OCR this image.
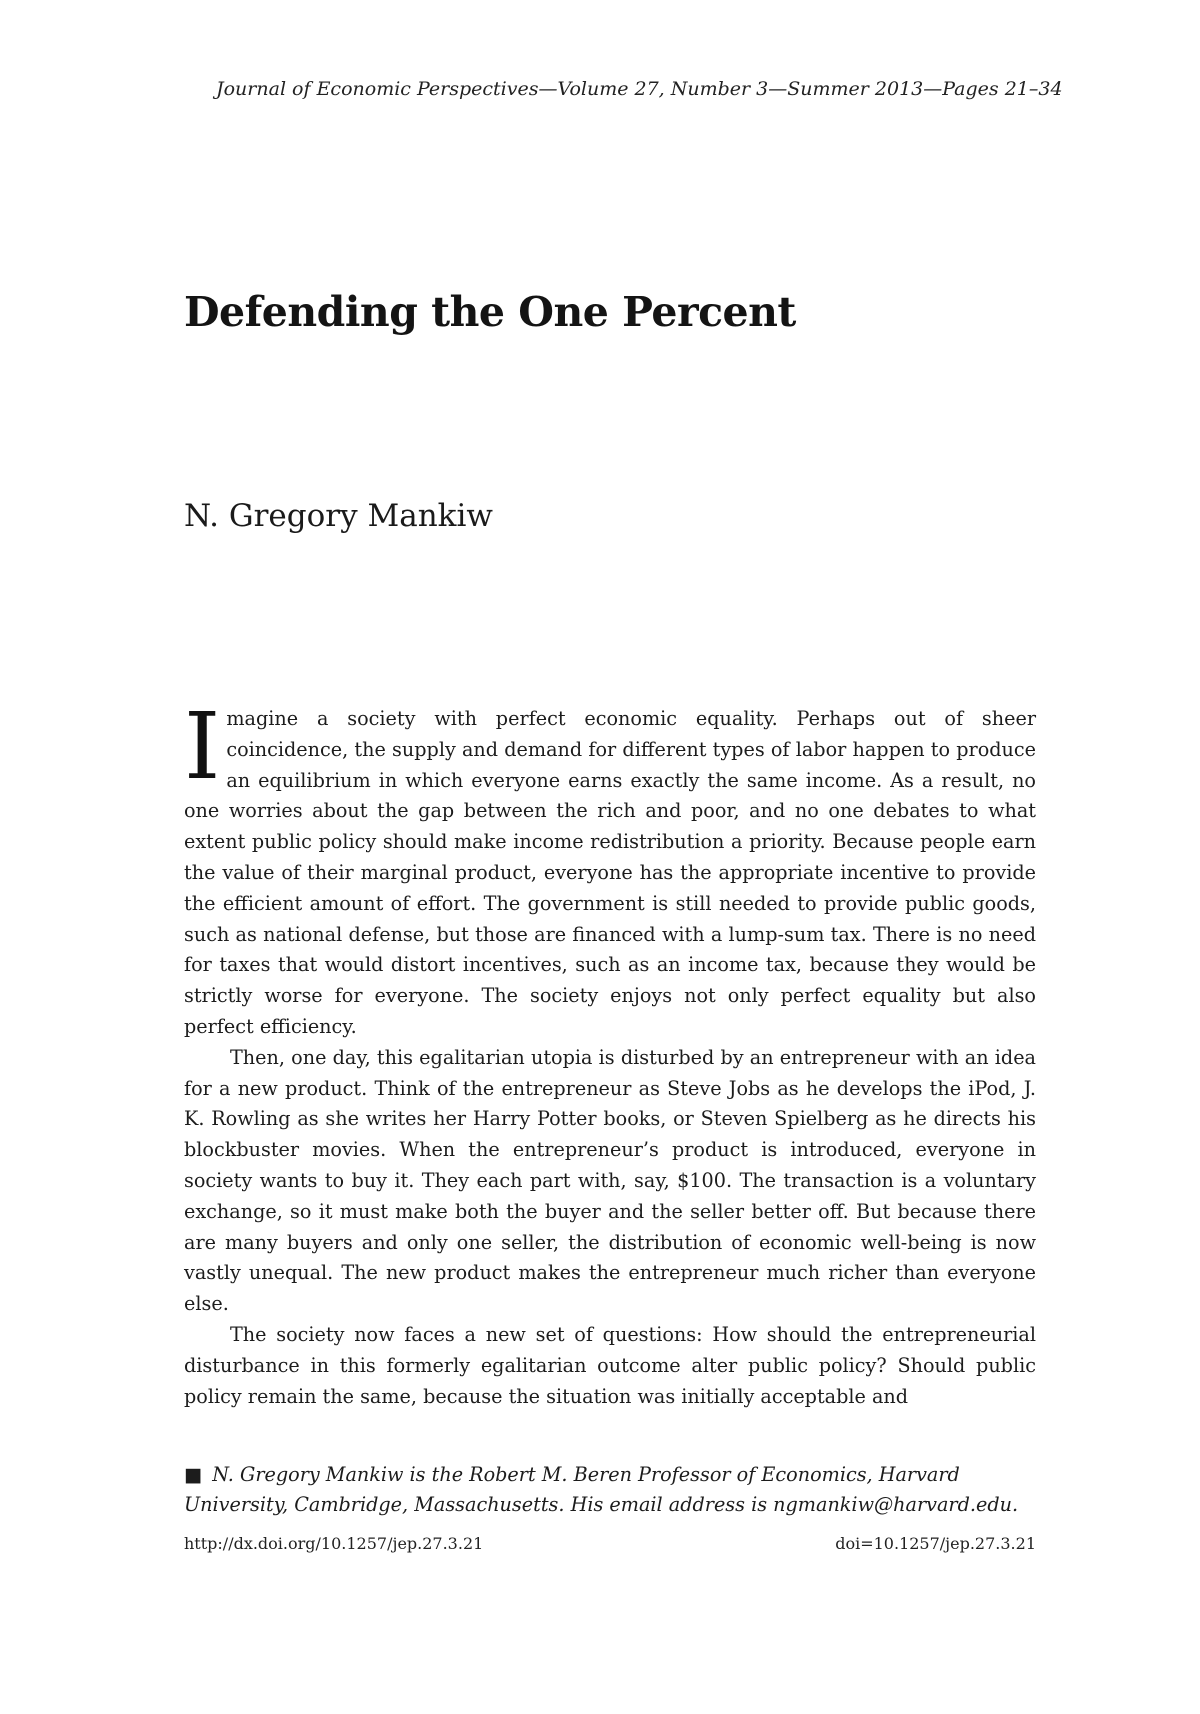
Journal of Economic Perspectives—Volume 27, Number 3—Summer 2013—Pages 21–34
Defending the One Percent
N. Gregory Mankiw

Imagine a society with perfect economic equality. Perhaps out of sheer coincidence, the supply and demand for different types of labor happen to produce an equilibrium in which everyone earns exactly the same income. As a result, no one worries about the gap between the rich and poor, and no one debates to what extent public policy should make income redistribution a priority. Because people earn the value of their marginal product, everyone has the appropriate incentive to provide the efficient amount of effort. The government is still needed to provide public goods, such as national defense, but those are financed with a lump-sum tax. There is no need for taxes that would distort incentives, such as an income tax, because they would be strictly worse for everyone. The society enjoys not only perfect equality but also perfect efficiency.

Then, one day, this egalitarian utopia is disturbed by an entrepreneur with an idea for a new product. Think of the entrepreneur as Steve Jobs as he develops the iPod, J. K. Rowling as she writes her Harry Potter books, or Steven Spielberg as he directs his blockbuster movies. When the entrepreneur’s product is introduced, everyone in society wants to buy it. They each part with, say, $100. The transaction is a voluntary exchange, so it must make both the buyer and the seller better off. But because there are many buyers and only one seller, the distribution of economic well-being is now vastly unequal. The new product makes the entrepreneur much richer than everyone else.

The society now faces a new set of questions: How should the entrepreneurial disturbance in this formerly egalitarian outcome alter public policy? Should public policy remain the same, because the situation was initially acceptable and

■ N. Gregory Mankiw is the Robert M. Beren Professor of Economics, Harvard University, Cambridge, Massachusetts. His email address is ngmankiw@harvard.edu.
http://dx.doi.org/10.1257/jep.27.3.21	doi=10.1257/jep.27.3.21
